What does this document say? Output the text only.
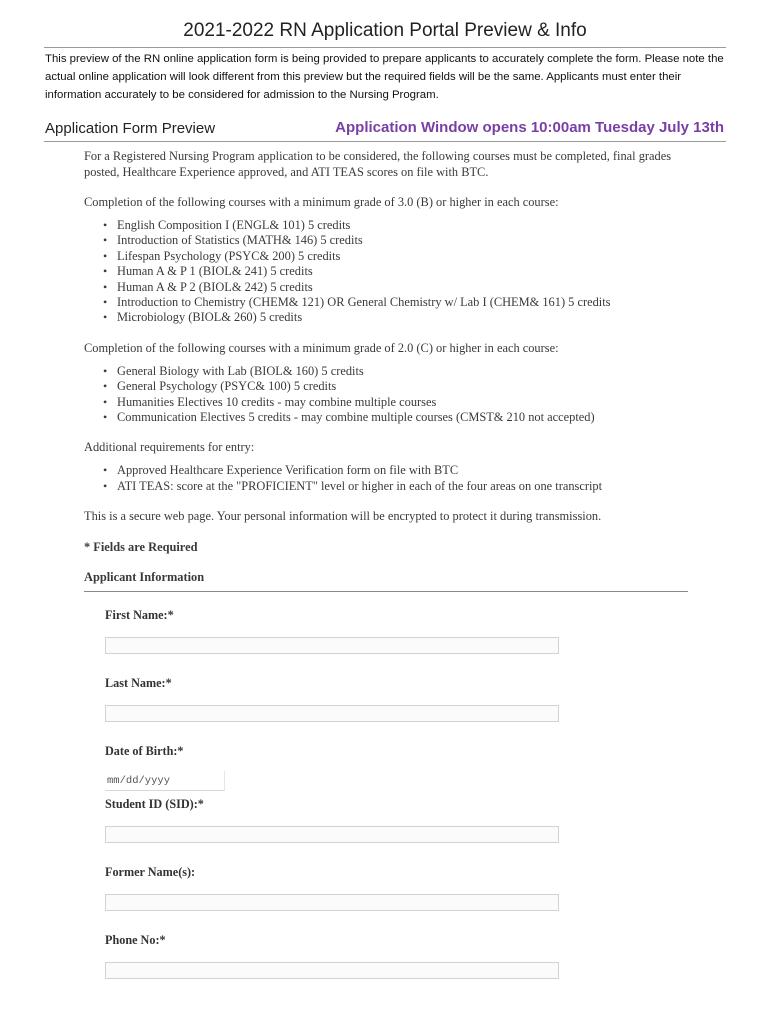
2021-2022 RN Application Portal Preview & Info
This preview of the RN online application form is being provided to prepare applicants to accurately complete the form. Please note the actual online application will look different from this preview but the required fields will be the same. Applicants must enter their information accurately to be considered for admission to the Nursing Program.
Application Form Preview	Application Window opens 10:00am Tuesday July 13th

For a Registered Nursing Program application to be considered, the following courses must be completed, final grades posted, Healthcare Experience approved, and ATI TEAS scores on file with BTC.

Completion of the following courses with a minimum grade of 3.0 (B) or higher in each course:

• English Composition I (ENGL& 101) 5 credits
• Introduction of Statistics (MATH& 146) 5 credits
• Lifespan Psychology (PSYC& 200) 5 credits
• Human A & P 1 (BIOL& 241) 5 credits
• Human A & P 2 (BIOL& 242) 5 credits
• Introduction to Chemistry (CHEM& 121) OR General Chemistry w/ Lab I (CHEM& 161) 5 credits
• Microbiology (BIOL& 260) 5 credits

Completion of the following courses with a minimum grade of 2.0 (C) or higher in each course:

• General Biology with Lab (BIOL& 160) 5 credits
• General Psychology (PSYC& 100) 5 credits
• Humanities Electives 10 credits - may combine multiple courses
• Communication Electives 5 credits - may combine multiple courses (CMST& 210 not accepted)

Additional requirements for entry:

• Approved Healthcare Experience Verification form on file with BTC
• ATI TEAS: score at the "PROFICIENT" level or higher in each of the four areas on one transcript

This is a secure web page. Your personal information will be encrypted to protect it during transmission.

* Fields are Required

Applicant Information

First Name:*
Last Name:*
Date of Birth:*
mm/dd/yyyy
Student ID (SID):*
Former Name(s):
Phone No:*
